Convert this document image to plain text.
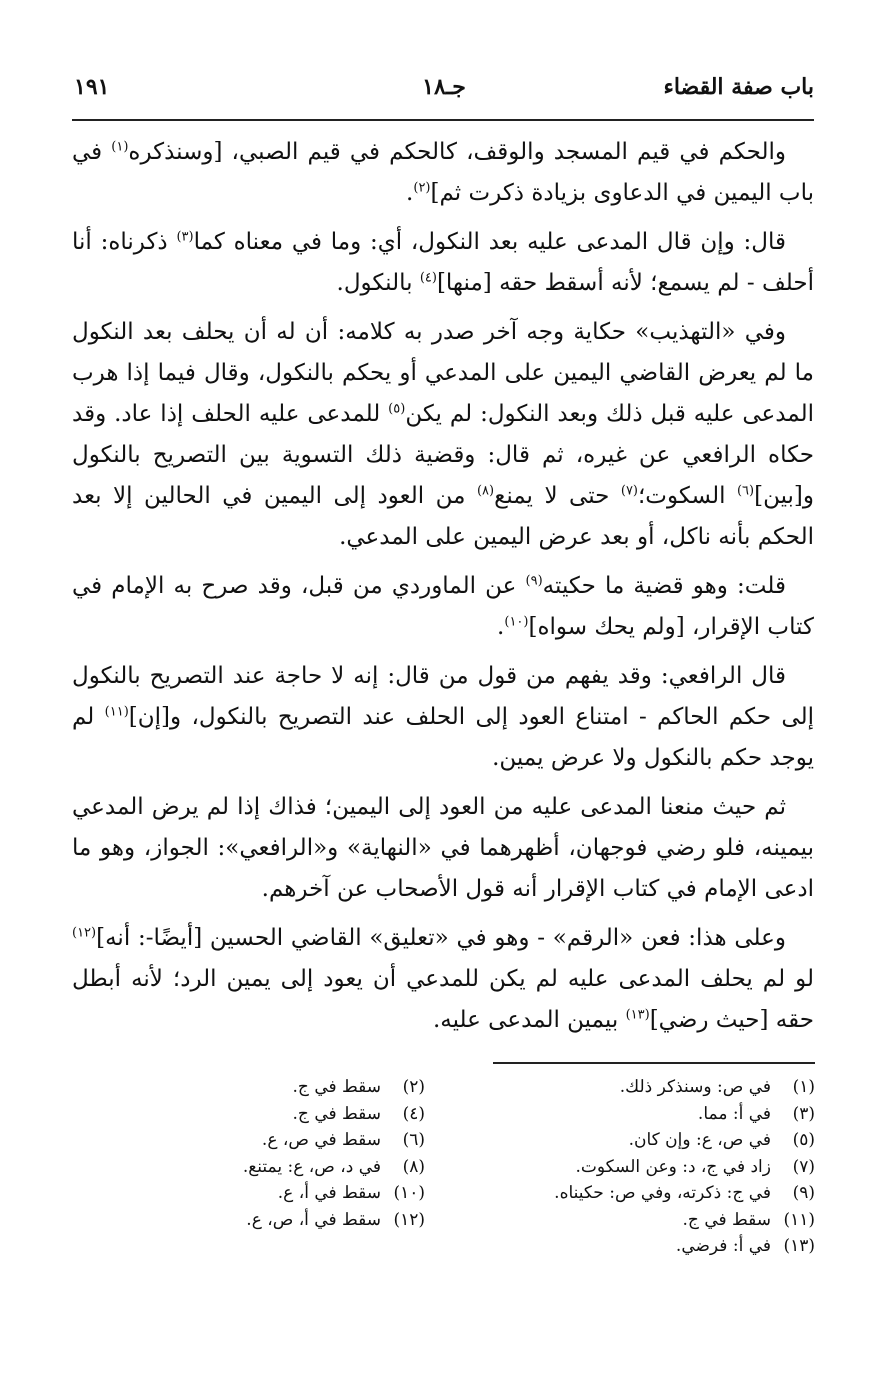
باب صفة القضاء
جـ١٨
١٩١

والحكم في قيم المسجد والوقف، كالحكم في قيم الصبي، [وسنذكره$^{(١)}$ في باب اليمين في الدعاوى بزيادة ذكرت ثم]$^{(٢)}$.

قال: وإن قال المدعى عليه بعد النكول، أي: وما في معناه كما$^{(٣)}$ ذكرناه: أنا أحلف - لم يسمع؛ لأنه أسقط حقه [منها]$^{(٤)}$ بالنكول.

وفي «التهذيب» حكاية وجه آخر صدر به كلامه: أن له أن يحلف بعد النكول ما لم يعرض القاضي اليمين على المدعي أو يحكم بالنكول، وقال فيما إذا هرب المدعى عليه قبل ذلك وبعد النكول: لم يكن$^{(٥)}$ للمدعى عليه الحلف إذا عاد. وقد حكاه الرافعي عن غيره، ثم قال: وقضية ذلك التسوية بين التصريح بالنكول و[بين]$^{(٦)}$ السكوت؛$^{(٧)}$ حتى لا يمنع$^{(٨)}$ من العود إلى اليمين في الحالين إلا بعد الحكم بأنه ناكل، أو بعد عرض اليمين على المدعي.

قلت: وهو قضية ما حكيته$^{(٩)}$ عن الماوردي من قبل، وقد صرح به الإمام في كتاب الإقرار، [ولم يحك سواه]$^{(١٠)}$.

قال الرافعي: وقد يفهم من قول من قال: إنه لا حاجة عند التصريح بالنكول إلى حكم الحاكم - امتناع العود إلى الحلف عند التصريح بالنكول، و[إن]$^{(١١)}$ لم يوجد حكم بالنكول ولا عرض يمين.

ثم حيث منعنا المدعى عليه من العود إلى اليمين؛ فذاك إذا لم يرض المدعي بيمينه، فلو رضي فوجهان، أظهرهما في «النهاية» و«الرافعي»: الجواز، وهو ما ادعى الإمام في كتاب الإقرار أنه قول الأصحاب عن آخرهم.

وعلى هذا: فعن «الرقم» - وهو في «تعليق» القاضي الحسين [أيضًا-: أنه]$^{(١٢)}$ لو لم يحلف المدعى عليه لم يكن للمدعي أن يعود إلى يمين الرد؛ لأنه أبطل حقه [حيث رضي]$^{(١٣)}$ بيمين المدعى عليه.

(١)في ص: وسنذكر ذلك.
(٣)في أ: مما.
(٥)في ص، ع: وإن كان.
(٧)زاد في ج، د: وعن السكوت.
(٩)في ج: ذكرته، وفي ص: حكيناه.
(١١)سقط في ج.
(١٣)في أ: فرضي.
(٢)سقط في ج.
(٤)سقط في ج.
(٦)سقط في ص، ع.
(٨)في د، ص، ع: يمتنع.
(١٠)سقط في أ، ع.
(١٢)سقط في أ، ص، ع.
